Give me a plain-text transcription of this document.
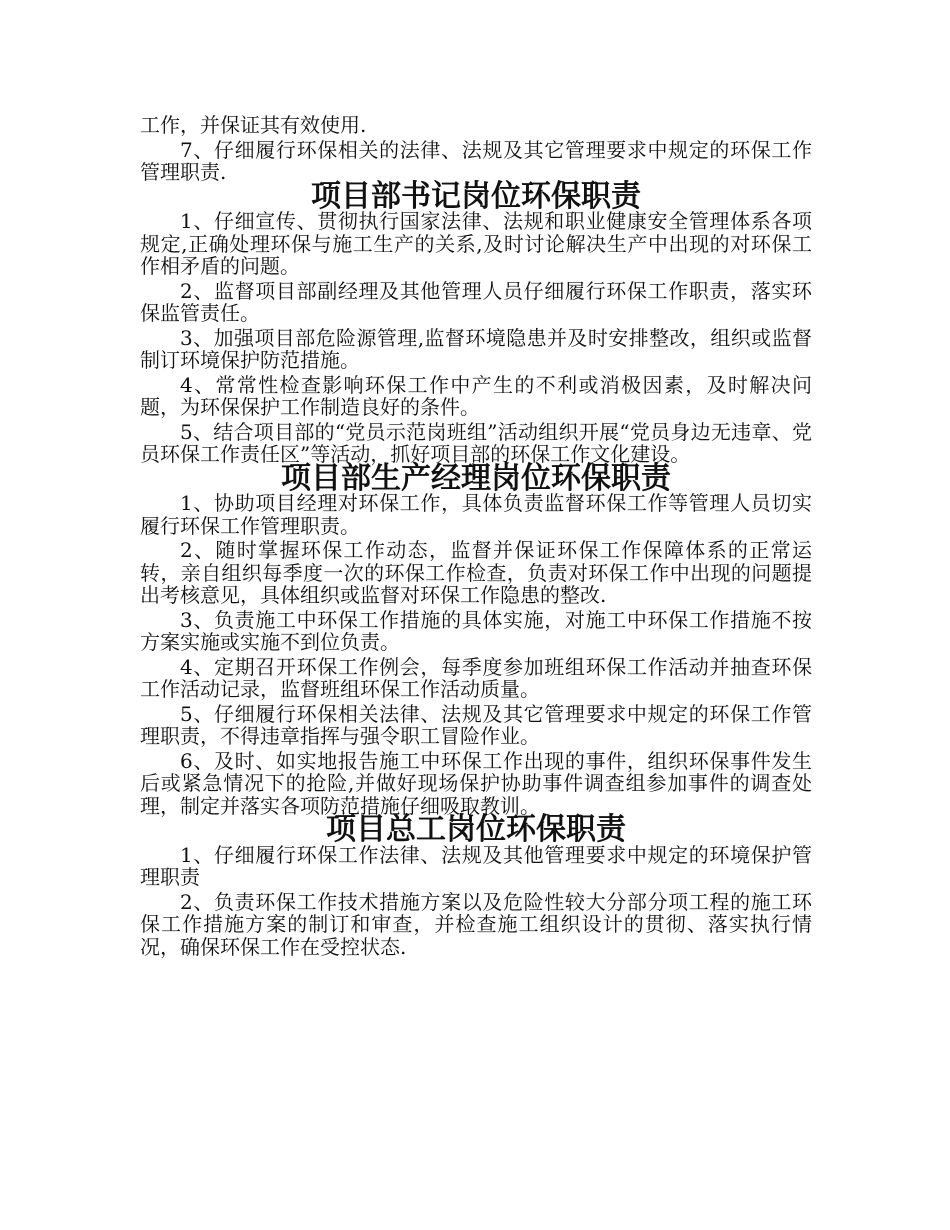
工作，并保证其有效使用.

7、仔细履行环保相关的法律、法规及其它管理要求中规定的环保工作管理职责.

项目部书记岗位环保职责

1、仔细宣传、贯彻执行国家法律、法规和职业健康安全管理体系各项规定,正确处理环保与施工生产的关系,及时讨论解决生产中出现的对环保工作相矛盾的问题。

2、监督项目部副经理及其他管理人员仔细履行环保工作职责，落实环保监管责任。

3、加强项目部危险源管理,监督环境隐患并及时安排整改，组织或监督制订环境保护防范措施。

4、常常性检查影响环保工作中产生的不利或消极因素，及时解决问题，为环保保护工作制造良好的条件。

5、结合项目部的“党员示范岗班组”活动组织开展“党员身边无违章、党员环保工作责任区”等活动，抓好项目部的环保工作文化建设。

项目部生产经理岗位环保职责

1、协助项目经理对环保工作，具体负责监督环保工作等管理人员切实履行环保工作管理职责。

2、随时掌握环保工作动态，监督并保证环保工作保障体系的正常运转，亲自组织每季度一次的环保工作检查，负责对环保工作中出现的问题提出考核意见，具体组织或监督对环保工作隐患的整改.

3、负责施工中环保工作措施的具体实施，对施工中环保工作措施不按方案实施或实施不到位负责。

4、定期召开环保工作例会，每季度参加班组环保工作活动并抽查环保工作活动记录，监督班组环保工作活动质量。

5、仔细履行环保相关法律、法规及其它管理要求中规定的环保工作管理职责，不得违章指挥与强令职工冒险作业。

6、及时、如实地报告施工中环保工作出现的事件，组织环保事件发生后或紧急情况下的抢险,并做好现场保护协助事件调查组参加事件的调查处理，制定并落实各项防范措施仔细吸取教训。

项目总工岗位环保职责

1、仔细履行环保工作法律、法规及其他管理要求中规定的环境保护管理职责

2、负责环保工作技术措施方案以及危险性较大分部分项工程的施工环保工作措施方案的制订和审查，并检查施工组织设计的贯彻、落实执行情况，确保环保工作在受控状态.
